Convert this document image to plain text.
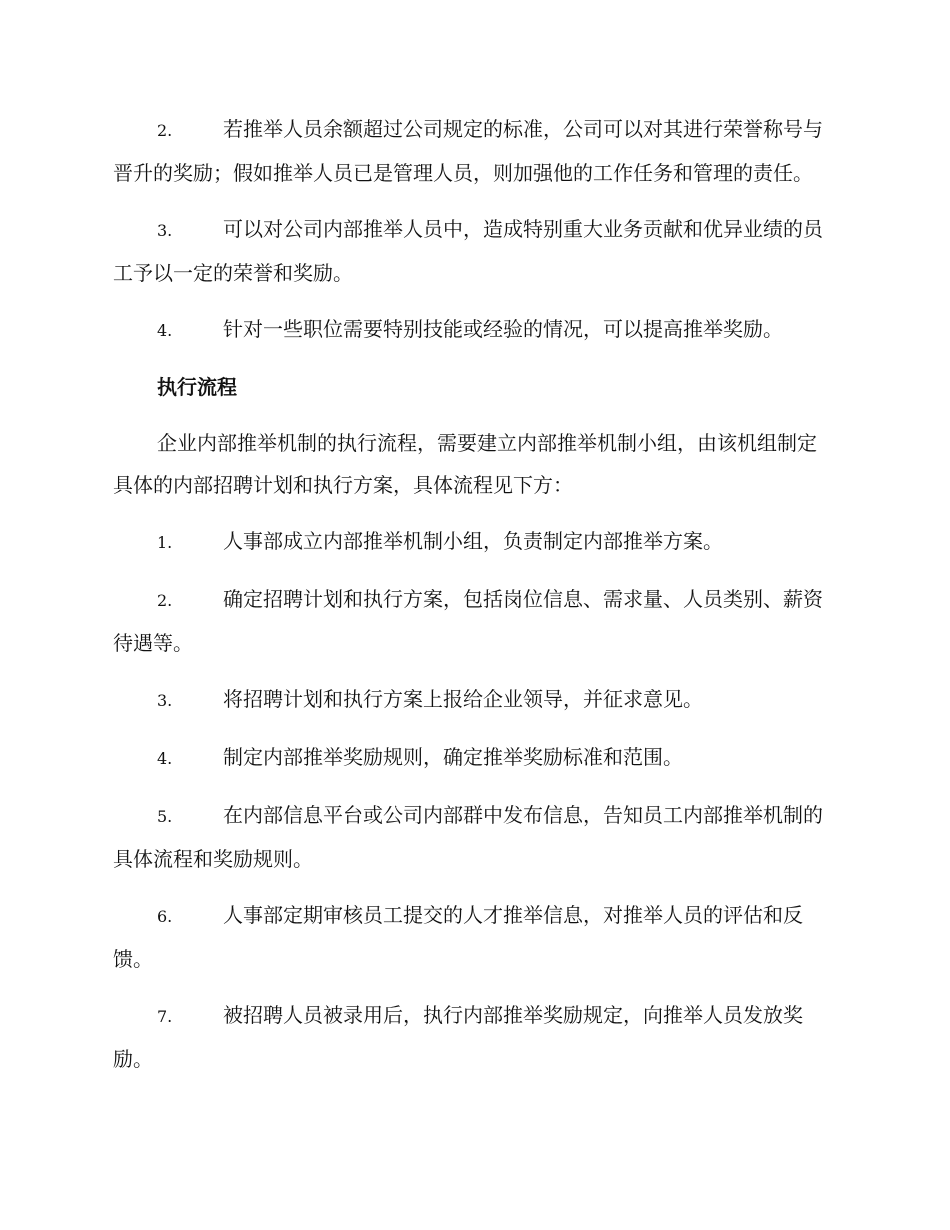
2.	若推举人员余额超过公司规定的标准，公司可以对其进行荣誉称号与晋升的奖励；假如推举人员已是管理人员，则加强他的工作任务和管理的责任。

3.	可以对公司内部推举人员中，造成特别重大业务贡献和优异业绩的员工予以一定的荣誉和奖励。

4.	针对一些职位需要特别技能或经验的情况，可以提高推举奖励。

执行流程

企业内部推举机制的执行流程，需要建立内部推举机制小组，由该机组制定具体的内部招聘计划和执行方案，具体流程见下方：

1.	人事部成立内部推举机制小组，负责制定内部推举方案。

2.	确定招聘计划和执行方案，包括岗位信息、需求量、人员类别、薪资待遇等。

3.	将招聘计划和执行方案上报给企业领导，并征求意见。

4.	制定内部推举奖励规则，确定推举奖励标准和范围。

5.	在内部信息平台或公司内部群中发布信息，告知员工内部推举机制的具体流程和奖励规则。

6.	人事部定期审核员工提交的人才推举信息，对推举人员的评估和反馈。

7.	被招聘人员被录用后，执行内部推举奖励规定，向推举人员发放奖励。
